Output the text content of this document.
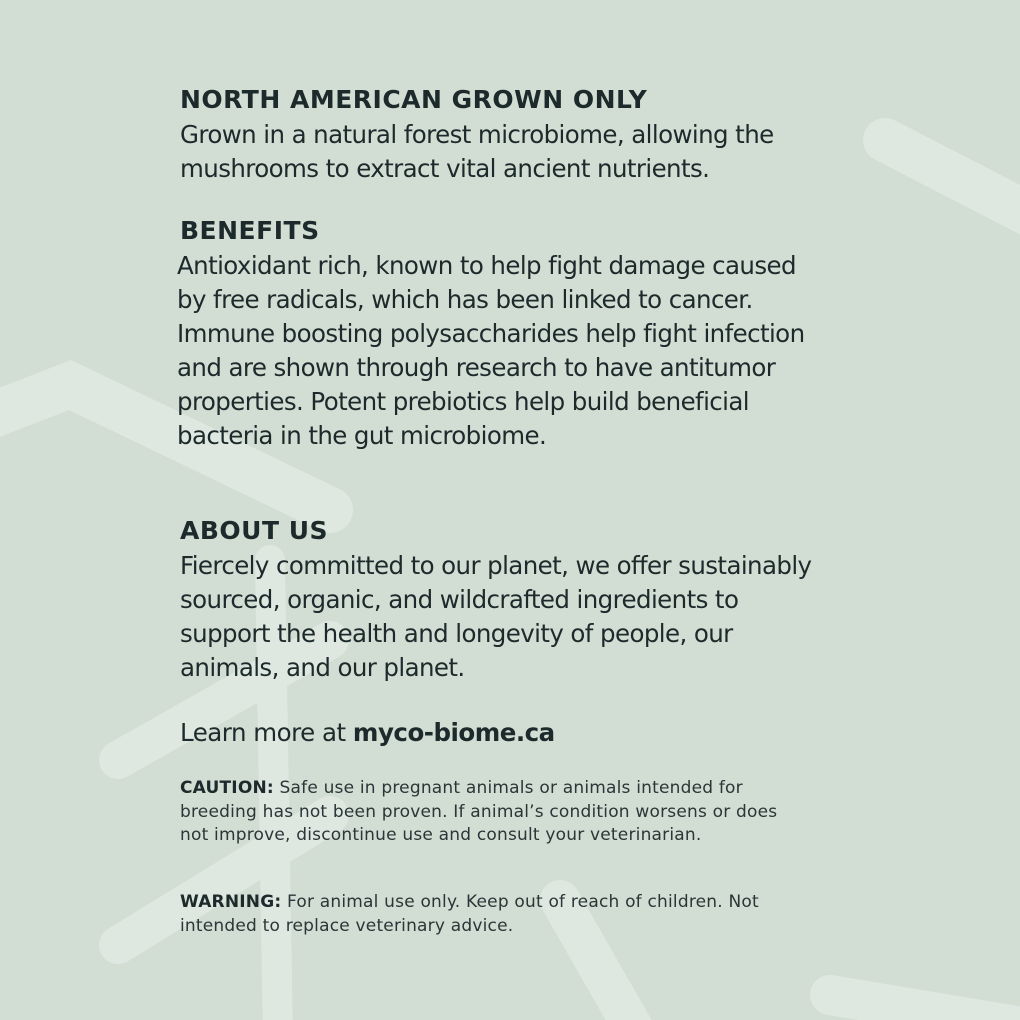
NORTH AMERICAN GROWN ONLY

Grown in a natural forest microbiome, allowing the mushrooms to extract vital ancient nutrients.

BENEFITS

Antioxidant rich, known to help fight damage caused by free radicals, which has been linked to cancer. Immune boosting polysaccharides help fight infection and are shown through research to have antitumor properties. Potent prebiotics help build beneficial bacteria in the gut microbiome.

ABOUT US

Fiercely committed to our planet, we offer sustainably sourced, organic, and wildcrafted ingredients to support the health and longevity of people, our animals, and our planet.

Learn more at myco-biome.ca

CAUTION: Safe use in pregnant animals or animals intended for breeding has not been proven. If animal’s condition worsens or does not improve, discontinue use and consult your veterinarian.

WARNING: For animal use only. Keep out of reach of children. Not intended to replace veterinary advice.
